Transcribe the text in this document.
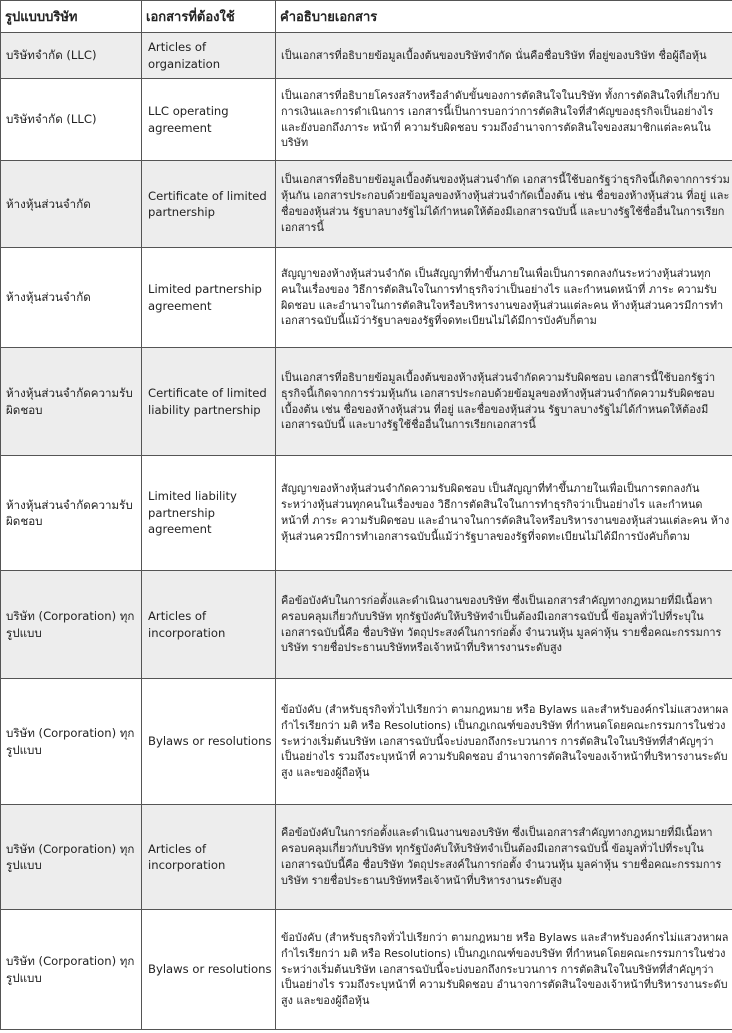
รูปแบบบริษัท	เอกสารที่ต้องใช้	คำอธิบายเอกสาร
บริษัทจำกัด (LLC)	Articles of organization	เป็นเอกสารที่อธิบายข้อมูลเบื้องต้นของบริษัทจำกัด นั่นคือชื่อบริษัท ที่อยู่ของบริษัท ชื่อผู้ถือหุ้น
บริษัทจำกัด (LLC)	LLC operating agreement	เป็นเอกสารที่อธิบายโครงสร้างหรือลำดับขั้นของการตัดสินใจในบริษัท ทั้งการตัดสินใจที่เกี่ยวกับการเงินและการดำเนินการ เอกสารนี้เป็นการบอกว่าการตัดสินใจที่สำคัญของธุรกิจเป็นอย่างไร และยังบอกถึงภาระ หน้าที่ ความรับผิดชอบ รวมถึงอำนาจการตัดสินใจของสมาชิกแต่ละคนในบริษัท
ห้างหุ้นส่วนจำกัด	Certificate of limited partnership	เป็นเอกสารที่อธิบายข้อมูลเบื้องต้นของหุ้นส่วนจำกัด เอกสารนี้ใช้บอกรัฐว่าธุรกิจนี้เกิดจากการร่วมหุ้นกัน เอกสารประกอบด้วยข้อมูลของห้างหุ้นส่วนจำกัดเบื้องต้น เช่น ชื่อของห้างหุ้นส่วน ที่อยู่ และชื่อของหุ้นส่วน รัฐบาลบางรัฐไม่ได้กำหนดให้ต้องมีเอกสารฉบับนี้ และบางรัฐใช้ชื่ออื่นในการเรียกเอกสารนี้
ห้างหุ้นส่วนจำกัด	Limited partnership agreement	สัญญาของห้างหุ้นส่วนจำกัด เป็นสัญญาที่ทำขึ้นภายในเพื่อเป็นการตกลงกันระหว่างหุ้นส่วนทุกคนในเรื่องของ วิธีการตัดสินใจในการทำธุรกิจว่าเป็นอย่างไร และกำหนดหน้าที่ ภาระ ความรับผิดชอบ และอำนาจในการตัดสินใจหรือบริหารงานของหุ้นส่วนแต่ละคน ห้างหุ้นส่วนควรมีการทำเอกสารฉบับนี้แม้ว่ารัฐบาลของรัฐที่จดทะเบียนไม่ได้มีการบังคับก็ตาม
ห้างหุ้นส่วนจำกัดความรับผิดชอบ	Certificate of limited liability partnership	เป็นเอกสารที่อธิบายข้อมูลเบื้องต้นของห้างหุ้นส่วนจำกัดความรับผิดชอบ เอกสารนี้ใช้บอกรัฐว่าธุรกิจนี้เกิดจากการร่วมหุ้นกัน เอกสารประกอบด้วยข้อมูลของห้างหุ้นส่วนจำกัดความรับผิดชอบเบื้องต้น เช่น ชื่อของห้างหุ้นส่วน ที่อยู่ และชื่อของหุ้นส่วน รัฐบาลบางรัฐไม่ได้กำหนดให้ต้องมีเอกสารฉบับนี้ และบางรัฐใช้ชื่ออื่นในการเรียกเอกสารนี้
ห้างหุ้นส่วนจำกัดความรับผิดชอบ	Limited liability partnership agreement	สัญญาของห้างหุ้นส่วนจำกัดความรับผิดชอบ เป็นสัญญาที่ทำขึ้นภายในเพื่อเป็นการตกลงกันระหว่างหุ้นส่วนทุกคนในเรื่องของ วิธีการตัดสินใจในการทำธุรกิจว่าเป็นอย่างไร และกำหนดหน้าที่ ภาระ ความรับผิดชอบ และอำนาจในการตัดสินใจหรือบริหารงานของหุ้นส่วนแต่ละคน ห้างหุ้นส่วนควรมีการทำเอกสารฉบับนี้แม้ว่ารัฐบาลของรัฐที่จดทะเบียนไม่ได้มีการบังคับก็ตาม
บริษัท (Corporation) ทุกรูปแบบ	Articles of incorporation	คือข้อบังคับในการก่อตั้งและดำเนินงานของบริษัท ซึ่งเป็นเอกสารสำคัญทางกฎหมายที่มีเนื้อหาครอบคลุมเกี่ยวกับบริษัท ทุกรัฐบังคับให้บริษัทจำเป็นต้องมีเอกสารฉบับนี้ ข้อมูลทั่วไปที่ระบุในเอกสารฉบับนี้คือ ชื่อบริษัท วัตถุประสงค์ในการก่อตั้ง จำนวนหุ้น มูลค่าหุ้น รายชื่อคณะกรรมการบริษัท รายชื่อประธานบริษัทหรือเจ้าหน้าที่บริหารงานระดับสูง
บริษัท (Corporation) ทุกรูปแบบ	Bylaws or resolutions	ข้อบังคับ (สำหรับธุรกิจทั่วไปเรียกว่า ตามกฎหมาย หรือ Bylaws และสำหรับองค์กรไม่แสวงหาผลกำไรเรียกว่า มติ หรือ Resolutions) เป็นกฎเกณฑ์ของบริษัท ที่กำหนดโดยคณะกรรมการในช่วงระหว่างเริ่มต้นบริษัท เอกสารฉบับนี้จะบ่งบอกถึงกระบวนการ การตัดสินใจในบริษัทที่สำคัญๆว่าเป็นอย่างไร รวมถึงระบุหน้าที่ ความรับผิดชอบ อำนาจการตัดสินใจของเจ้าหน้าที่บริหารงานระดับสูง และของผู้ถือหุ้น
บริษัท (Corporation) ทุกรูปแบบ	Articles of incorporation	คือข้อบังคับในการก่อตั้งและดำเนินงานของบริษัท ซึ่งเป็นเอกสารสำคัญทางกฎหมายที่มีเนื้อหาครอบคลุมเกี่ยวกับบริษัท ทุกรัฐบังคับให้บริษัทจำเป็นต้องมีเอกสารฉบับนี้ ข้อมูลทั่วไปที่ระบุในเอกสารฉบับนี้คือ ชื่อบริษัท วัตถุประสงค์ในการก่อตั้ง จำนวนหุ้น มูลค่าหุ้น รายชื่อคณะกรรมการบริษัท รายชื่อประธานบริษัทหรือเจ้าหน้าที่บริหารงานระดับสูง
บริษัท (Corporation) ทุกรูปแบบ	Bylaws or resolutions	ข้อบังคับ (สำหรับธุรกิจทั่วไปเรียกว่า ตามกฎหมาย หรือ Bylaws และสำหรับองค์กรไม่แสวงหาผลกำไรเรียกว่า มติ หรือ Resolutions) เป็นกฎเกณฑ์ของบริษัท ที่กำหนดโดยคณะกรรมการในช่วงระหว่างเริ่มต้นบริษัท เอกสารฉบับนี้จะบ่งบอกถึงกระบวนการ การตัดสินใจในบริษัทที่สำคัญๆว่าเป็นอย่างไร รวมถึงระบุหน้าที่ ความรับผิดชอบ อำนาจการตัดสินใจของเจ้าหน้าที่บริหารงานระดับสูง และของผู้ถือหุ้น
